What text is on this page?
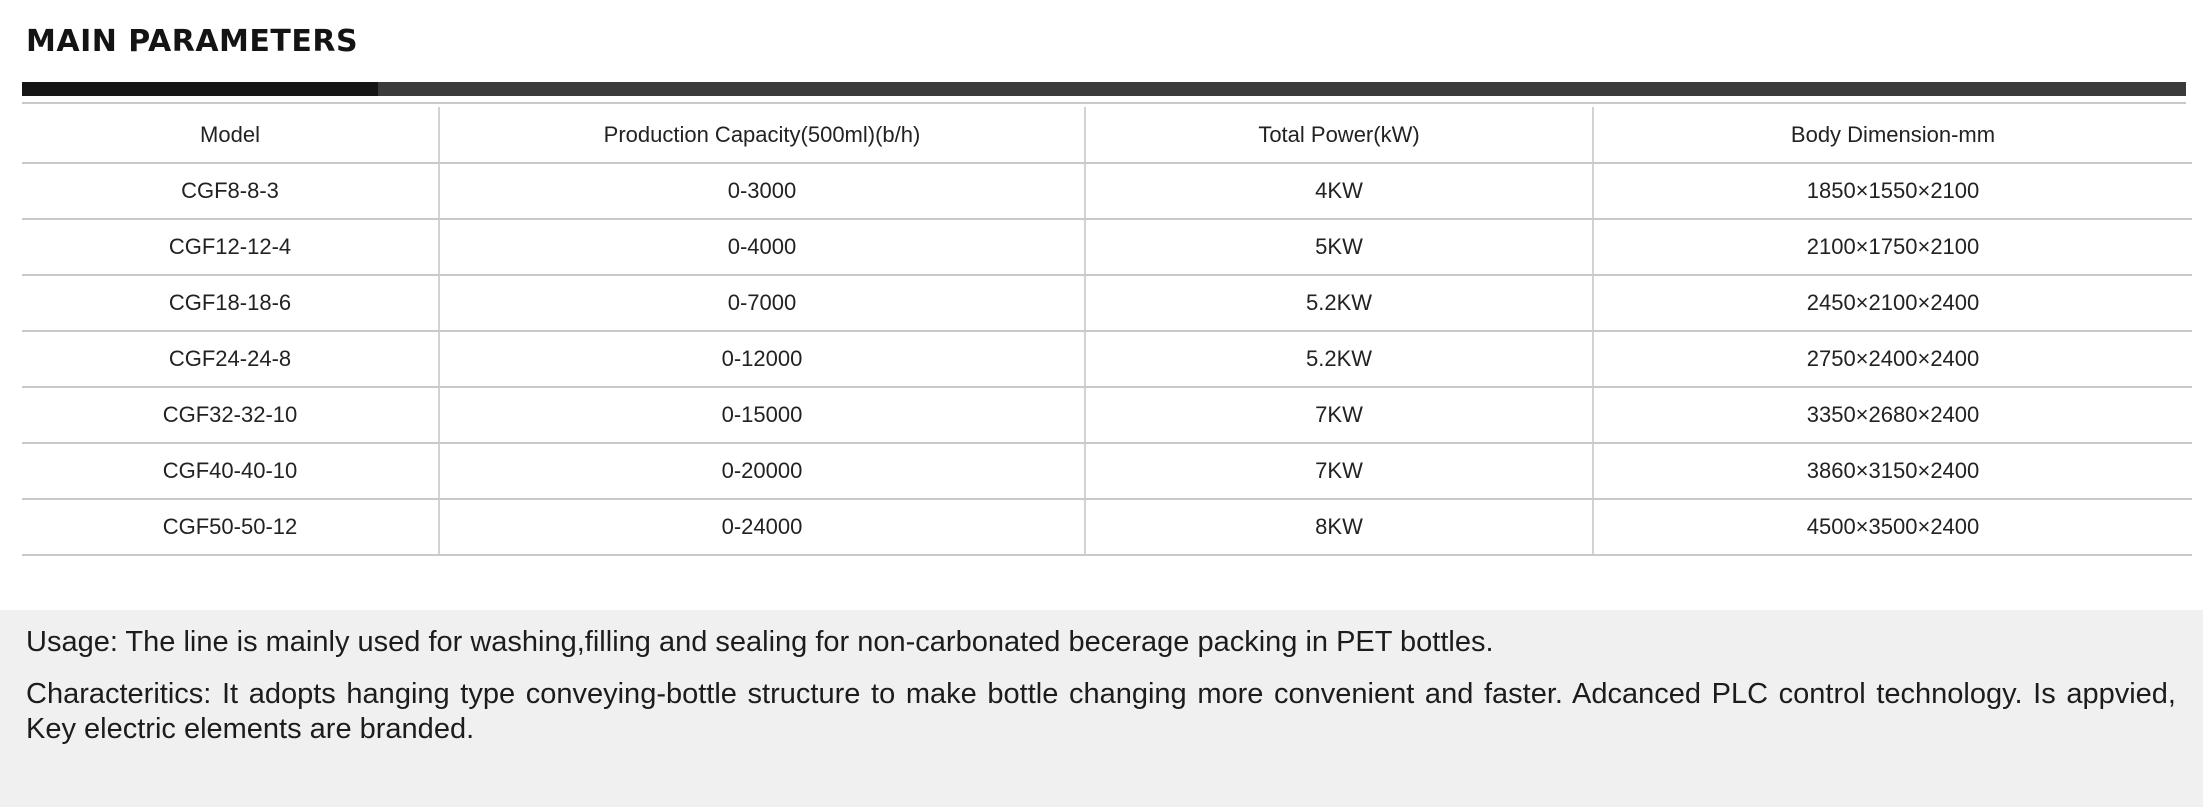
MAIN PARAMETERS
Model	Production Capacity(500ml)(b/h)	Total Power(kW)	Body Dimension-mm
CGF8-8-3	0-3000	4KW	1850×1550×2100
CGF12-12-4	0-4000	5KW	2100×1750×2100
CGF18-18-6	0-7000	5.2KW	2450×2100×2400
CGF24-24-8	0-12000	5.2KW	2750×2400×2400
CGF32-32-10	0-15000	7KW	3350×2680×2400
CGF40-40-10	0-20000	7KW	3860×3150×2400
CGF50-50-12	0-24000	8KW	4500×3500×2400

Usage: The line is mainly used for washing,filling and sealing for non-carbonated becerage packing in PET bottles.

Characteritics: It adopts hanging type conveying-bottle structure to make bottle changing more convenient and faster. Adcanced PLC control technology. Is appvied, Key electric elements are branded.
